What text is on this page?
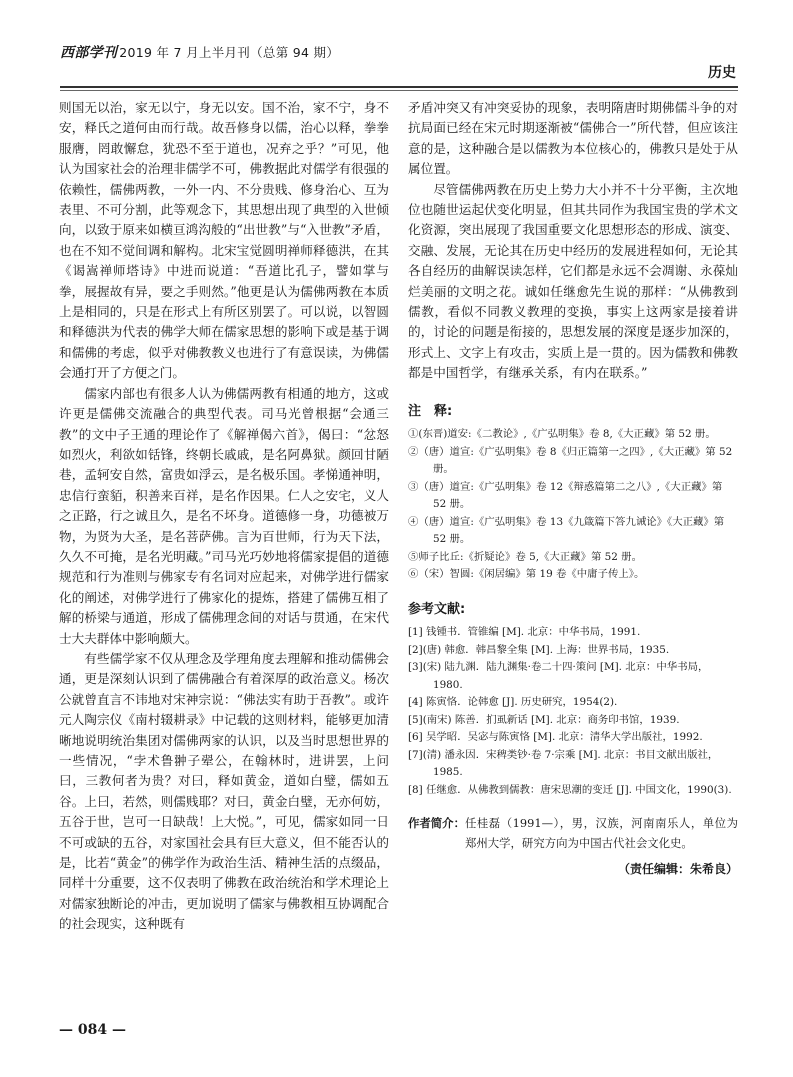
西部学刊 2019 年 7 月上半月刊（总第 94 期）
历史

则国无以治，家无以宁，身无以安。国不治，家不宁，身不安，释氏之道何由而行哉。故吾修身以儒，治心以释，拳拳服膺，罔敢懈怠，犹恐不至于道也，况弃之乎？”可见，他认为国家社会的治理非儒学不可，佛教据此对儒学有很强的依赖性，儒佛两教，一外一内、不分贵贱、修身治心、互为表里、不可分割，此等观念下，其思想出现了典型的入世倾向，以致于原来如横亘鸿沟般的“出世教”与“入世教”矛盾，也在不知不觉间调和解构。北宋宝觉圆明禅师释德洪，在其《谒嵩禅师塔诗》中进而说道：“吾道比孔子，譬如掌与拳，展握故有异，要之手则然。”他更是认为儒佛两教在本质上是相同的，只是在形式上有所区别罢了。可以说，以智圆和释德洪为代表的佛学大师在儒家思想的影响下或是基于调和儒佛的考虑，似乎对佛教教义也进行了有意误读，为佛儒会通打开了方便之门。

儒家内部也有很多人认为佛儒两教有相通的地方，这或许更是儒佛交流融合的典型代表。司马光曾根据“会通三教”的文中子王通的理论作了《解禅偈六首》，偈曰：“忿怒如烈火，利欲如铦锋，终朝长戚戚，是名阿鼻狱。颜回甘陋巷，孟轲安自然，富贵如浮云，是名极乐国。孝悌通神明，忠信行蛮貊，积善来百祥，是名作因果。仁人之安宅，义人之正路，行之诚且久，是名不坏身。道德修一身，功德被万物，为贤为大圣，是名菩萨佛。言为百世师，行为天下法，久久不可掩，是名光明藏。”司马光巧妙地将儒家提倡的道德规范和行为准则与佛家专有名词对应起来，对佛学进行儒家化的阐述，对佛学进行了佛家化的提炼，搭建了儒佛互相了解的桥梁与通道，形成了儒佛理念间的对话与贯通，在宋代士大夫群体中影响颇大。

有些儒学家不仅从理念及学理角度去理解和推动儒佛会通，更是深刻认识到了儒佛融合有着深厚的政治意义。杨次公就曾直言不讳地对宋神宗说：“佛法实有助于吾教”。或许元人陶宗仪《南村辍耕录》中记载的这则材料，能够更加清晰地说明统治集团对儒佛两家的认识，以及当时思想世界的一些情况，“孛术鲁翀子翚公，在翰林时，进讲罢，上问曰，三教何者为贵？对曰，释如黄金，道如白璧，儒如五谷。上曰，若然，则儒贱耶？对曰，黄金白璧，无亦何妨，五谷于世，岂可一日缺哉！上大悦。”，可见，儒家如同一日不可或缺的五谷，对家国社会具有巨大意义，但不能否认的是，比若“黄金”的佛学作为政治生活、精神生活的点缀品，同样十分重要，这不仅表明了佛教在政治统治和学术理论上对儒家独断论的冲击，更加说明了儒家与佛教相互协调配合的社会现实，这种既有

矛盾冲突又有冲突妥协的现象，表明隋唐时期佛儒斗争的对抗局面已经在宋元时期逐渐被“儒佛合一”所代替，但应该注意的是，这种融合是以儒教为本位核心的，佛教只是处于从属位置。

尽管儒佛两教在历史上势力大小并不十分平衡，主次地位也随世运起伏变化明显，但其共同作为我国宝贵的学术文化资源，突出展现了我国重要文化思想形态的形成、演变、交融、发展，无论其在历史中经历的发展进程如何，无论其各自经历的曲解误读怎样，它们都是永远不会凋谢、永葆灿烂美丽的文明之花。诚如任继愈先生说的那样：“从佛教到儒教，看似不同教义教理的变换，事实上这两家是接着讲的，讨论的问题是衔接的，思想发展的深度是逐步加深的，形式上、文字上有攻击，实质上是一贯的。因为儒教和佛教都是中国哲学，有继承关系，有内在联系。”

注　释:
①(东晋)道安:《二教论》,《广弘明集》卷 8,《大正藏》第 52 册。
②（唐）道宣:《广弘明集》卷 8《归正篇第一之四》,《大正藏》第 52 册。
③（唐）道宣:《广弘明集》卷 12《辩惑篇第二之八》,《大正藏》第 52 册。
④（唐）道宣:《广弘明集》卷 13《九箴篇下答九诫论》《大正藏》第 52 册。
⑤师子比丘:《折疑论》卷 5,《大正藏》第 52 册。
⑥（宋）智圆:《闲居编》第 19 卷《中庸子传上》。
参考文献:
[1] 钱锺书．管锥编 [M]. 北京：中华书局，1991.
[2](唐) 韩愈．韩昌黎全集 [M]. 上海：世界书局，1935.
[3](宋) 陆九渊．陆九渊集·卷二十四·策问 [M]. 北京：中华书局，1980.
[4] 陈寅恪．论韩愈 [J]. 历史研究，1954(2).
[5](南宋) 陈善．扪虱新话 [M]. 北京：商务印书馆，1939.
[6] 吴学昭．吴宓与陈寅恪 [M]. 北京：清华大学出版社，1992.
[7](清) 潘永因．宋稗类钞·卷 7·宗乘 [M]. 北京：书目文献出版社，1985.
[8] 任继愈．从佛教到儒教：唐宋思潮的变迁 [J]. 中国文化，1990(3).
作者简介： 任桂磊（1991—），男，汉族，河南南乐人，单位为郑州大学，研究方向为中国古代社会文化史。
（责任编辑：朱希良）
— 084 —
